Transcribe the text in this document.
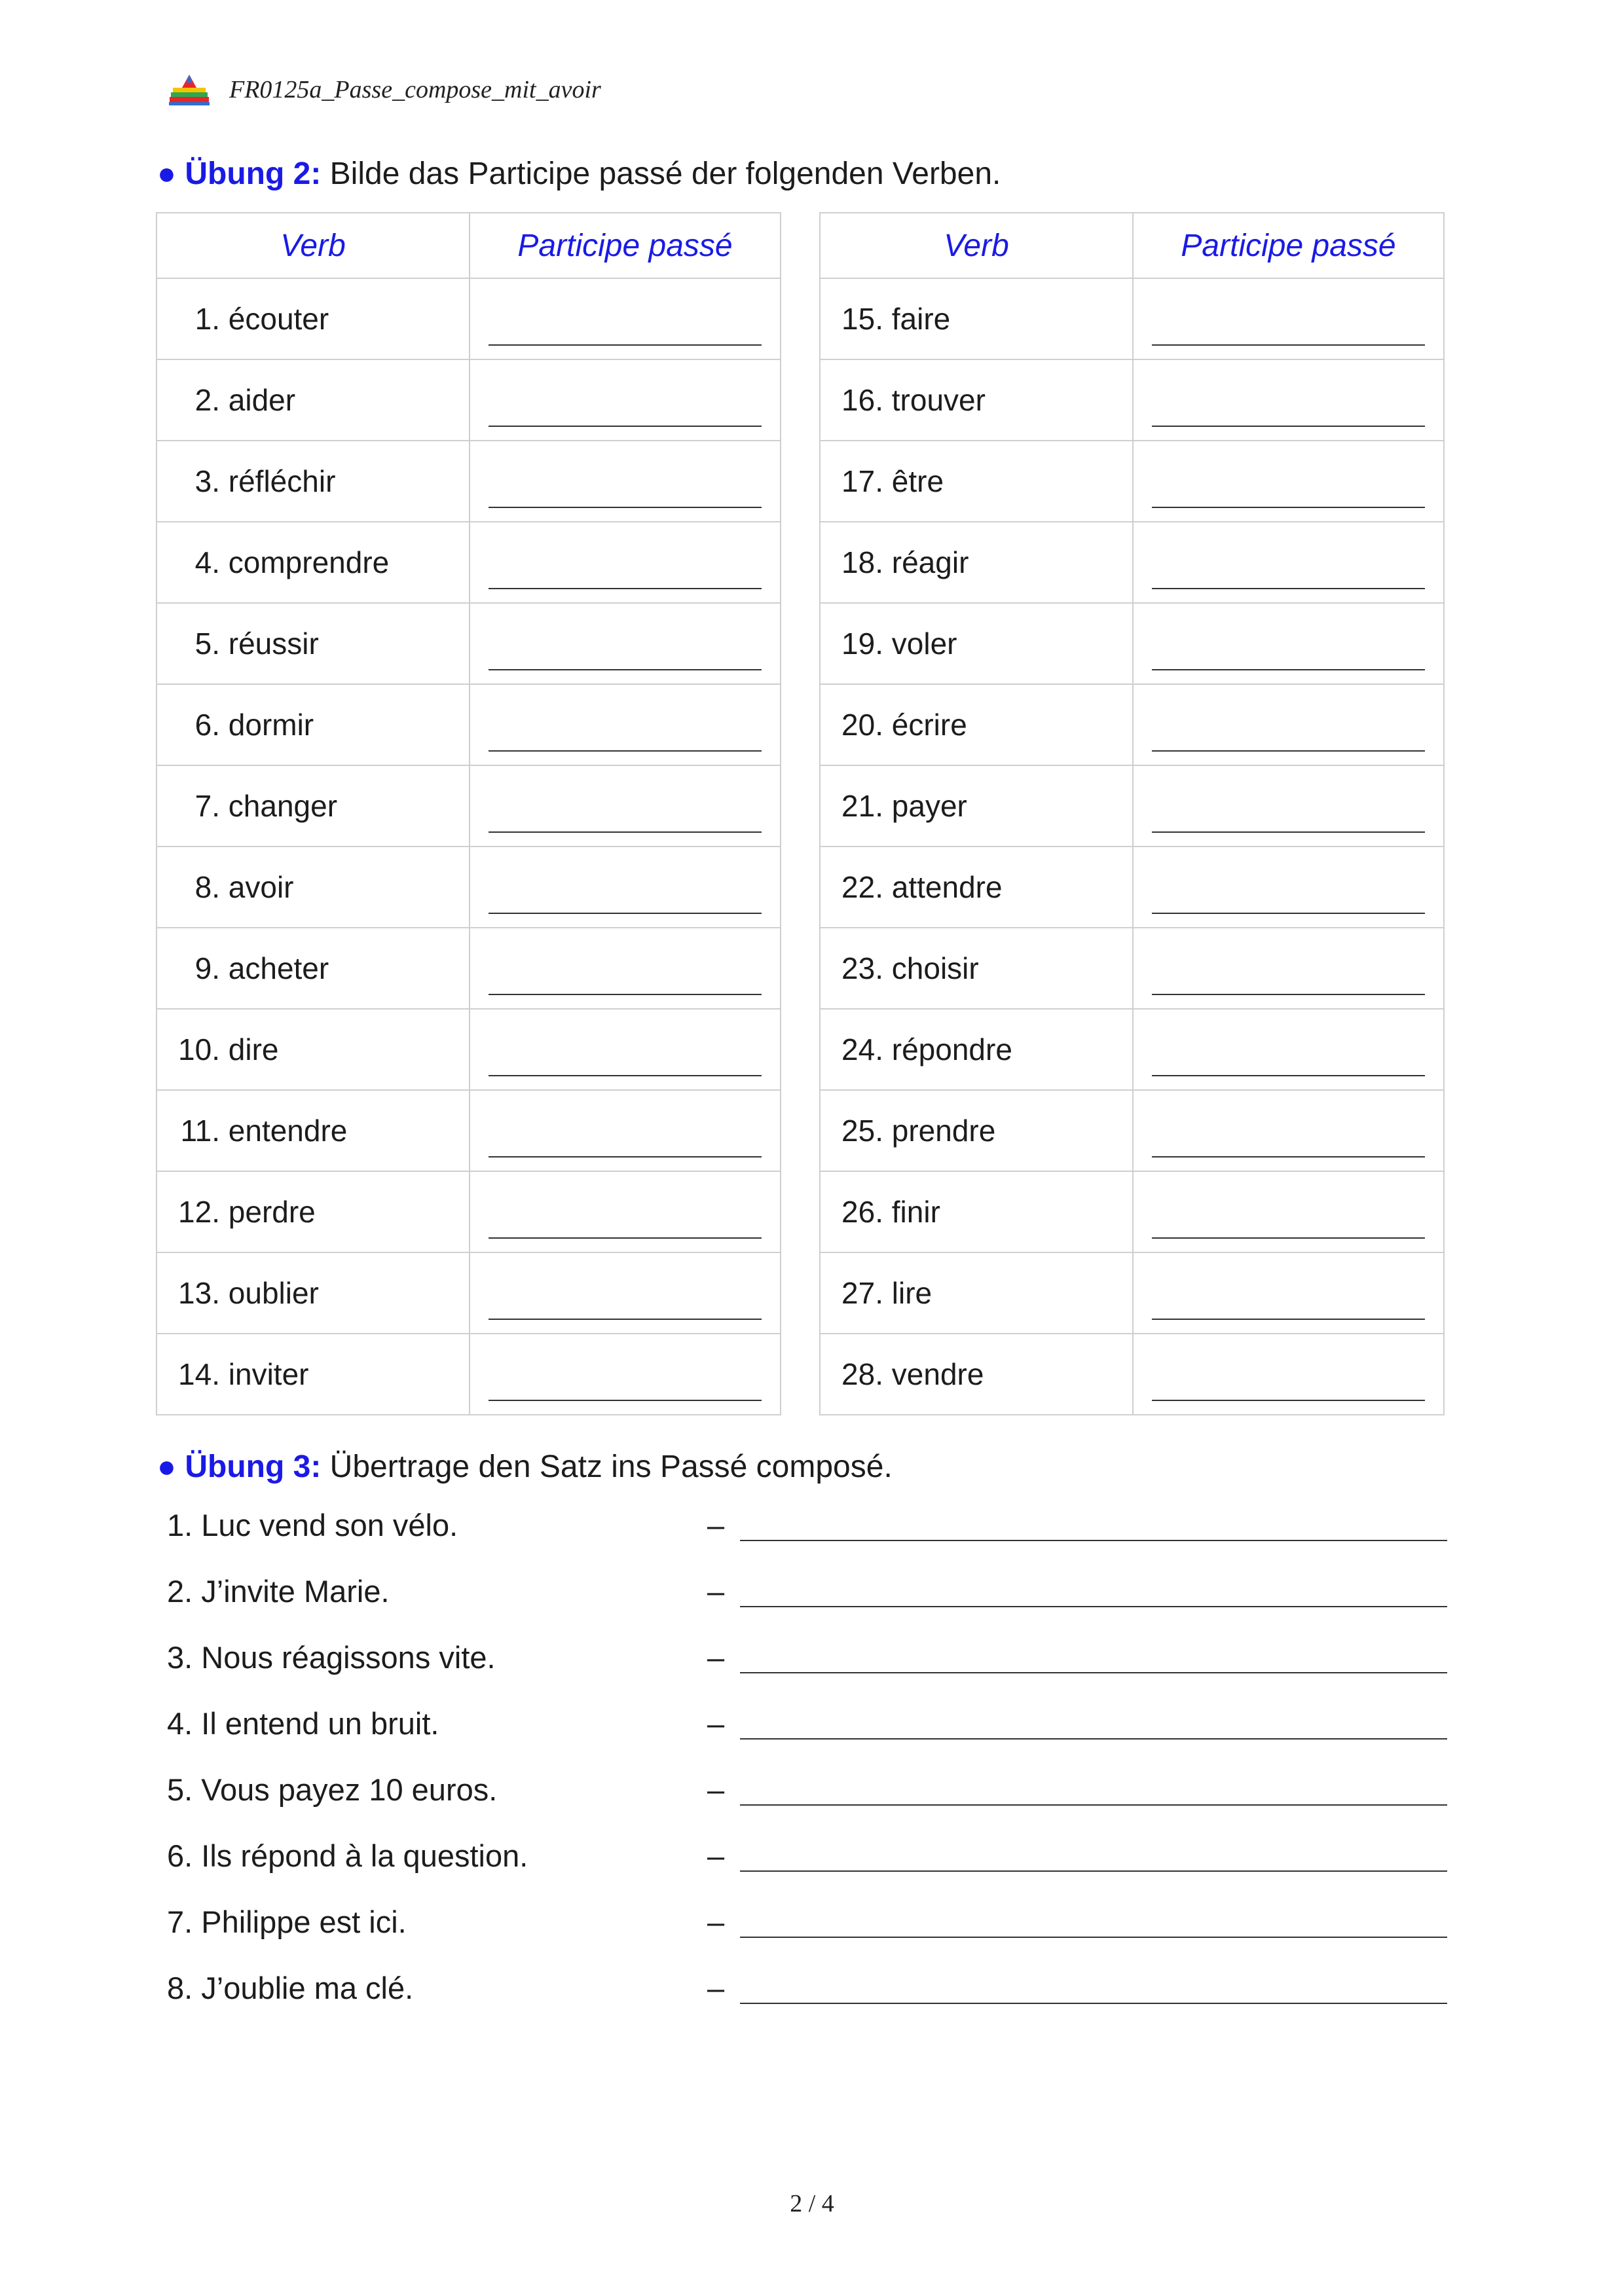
FR0125a_Passe_compose_mit_avoir
● Übung 2: Bilde das Participe passé der folgenden Verben.
Verb	Participe passé
1. écouter	

2. aider	

3. réfléchir	

4. comprendre	

5. réussir	

6. dormir	

7. changer	

8. avoir	

9. acheter	

10. dire	

11. entendre	

12. perdre	

13. oublier	

14. inviter	
Verb	Participe passé
15. faire	

16. trouver	

17. être	

18. réagir	

19. voler	

20. écrire	

21. payer	

22. attendre	

23. choisir	

24. répondre	

25. prendre	

26. finir	

27. lire	

28. vendre	
● Übung 3: Übertrage den Satz ins Passé composé.
1. Luc vend son vélo.	–
2. J’invite Marie.	–
3. Nous réagissons vite.	–
4. Il entend un bruit.	–
5. Vous payez 10 euros.	–
6. Ils répond à la question.	–
7. Philippe est ici.	–
8. J’oublie ma clé.	–
2 / 4
